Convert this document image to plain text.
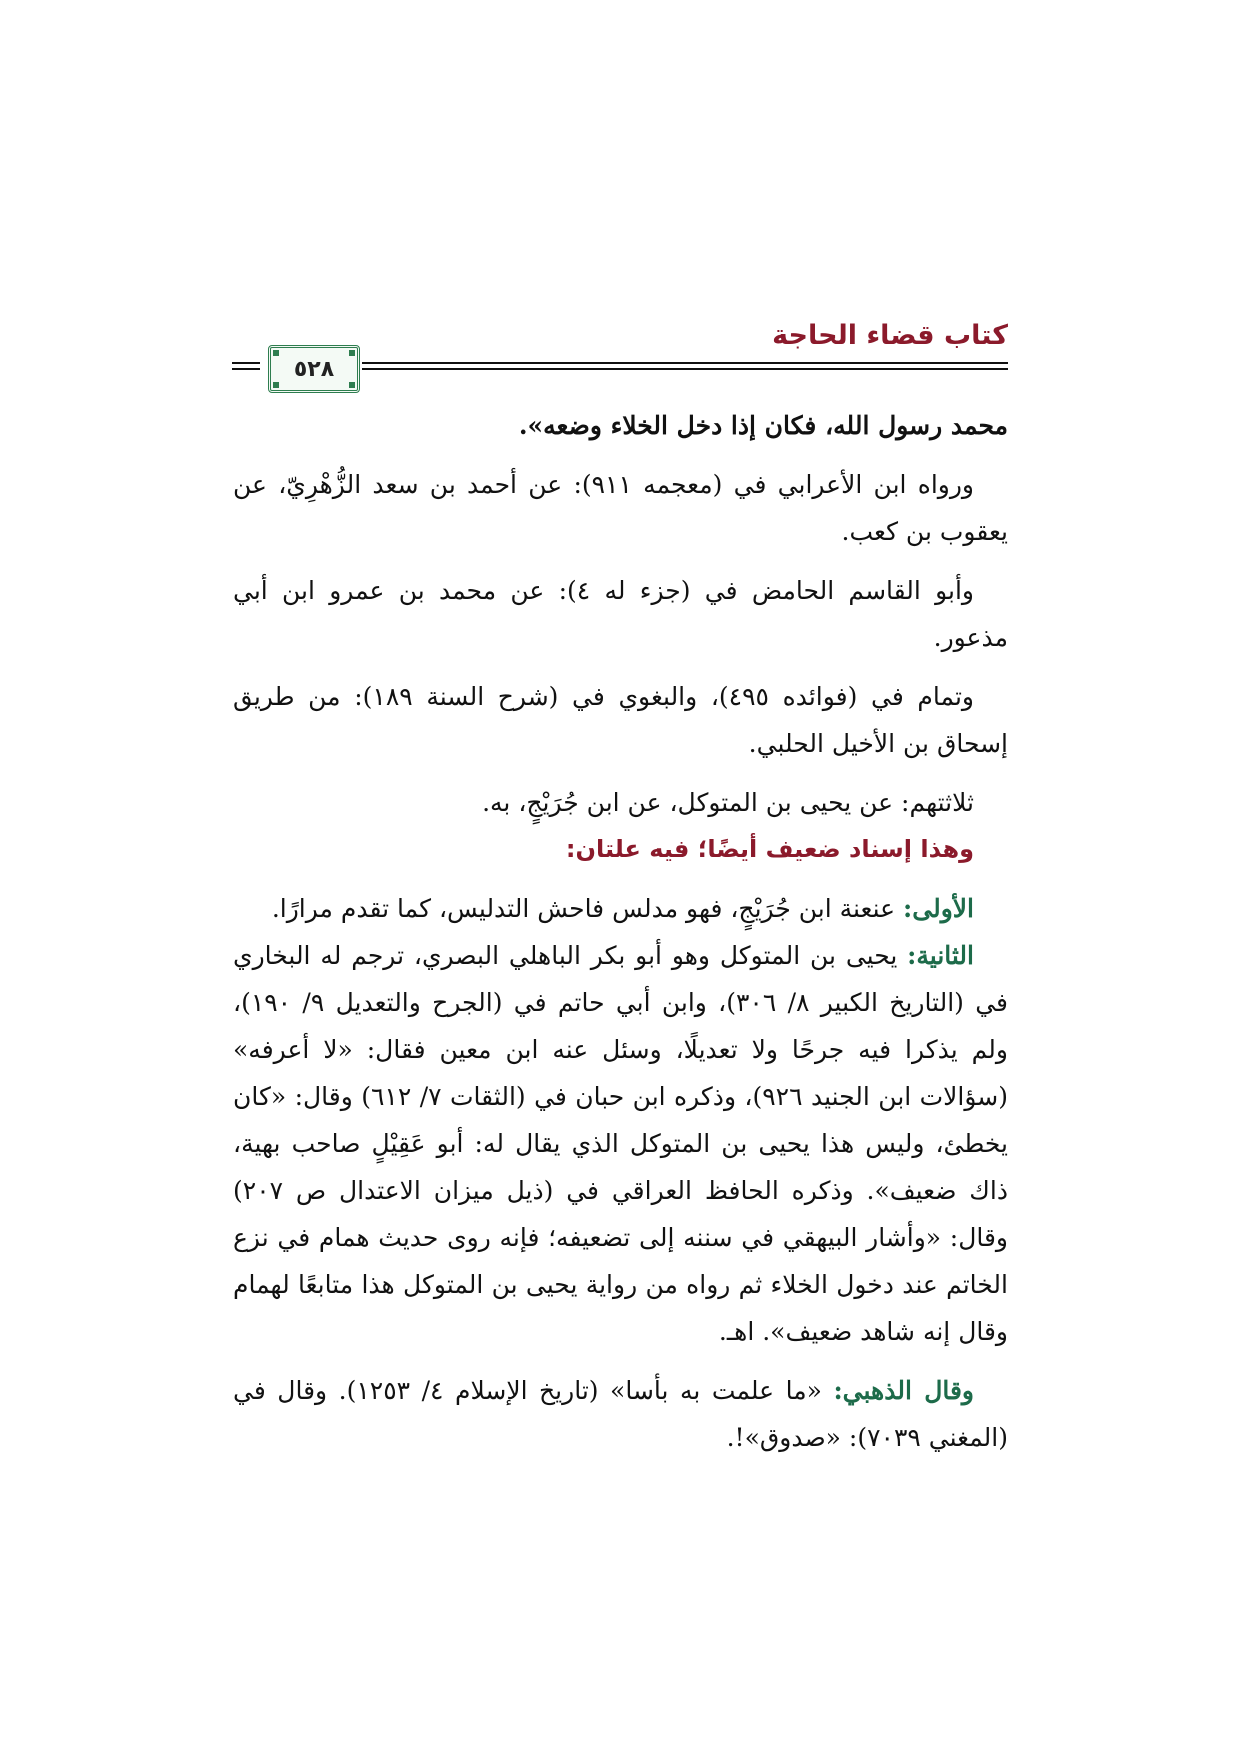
كتاب قضاء الحاجة
٥٢٨

محمد رسول الله، فكان إذا دخل الخلاء وضعه».

ورواه ابن الأعرابي في (معجمه ٩١١): عن أحمد بن سعد الزُّهْرِيّ، عن يعقوب بن كعب.

وأبو القاسم الحامض في (جزء له ٤): عن محمد بن عمرو ابن أبي مذعور.

وتمام في (فوائده ٤٩٥)، والبغوي في (شرح السنة ١٨٩): من طريق إسحاق بن الأخيل الحلبي.

ثلاثتهم: عن يحيى بن المتوكل، عن ابن جُرَيْجٍ، به.

وهذا إسناد ضعيف أيضًا؛ فيه علتان:

الأولى: عنعنة ابن جُرَيْجٍ، فهو مدلس فاحش التدليس، كما تقدم مرارًا.

الثانية: يحيى بن المتوكل وهو أبو بكر الباهلي البصري، ترجم له البخاري في (التاريخ الكبير ٨/ ٣٠٦)، وابن أبي حاتم في (الجرح والتعديل ٩/ ١٩٠)، ولم يذكرا فيه جرحًا ولا تعديلًا، وسئل عنه ابن معين فقال: «لا أعرفه» (سؤالات ابن الجنيد ٩٢٦)، وذكره ابن حبان في (الثقات ٧/ ٦١٢) وقال: «كان يخطئ، وليس هذا يحيى بن المتوكل الذي يقال له: أبو عَقِيْلٍ صاحب بهية، ذاك ضعيف». وذكره الحافظ العراقي في (ذيل ميزان الاعتدال ص ٢٠٧) وقال: «وأشار البيهقي في سننه إلى تضعيفه؛ فإنه روى حديث همام في نزع الخاتم عند دخول الخلاء ثم رواه من رواية يحيى بن المتوكل هذا متابعًا لهمام وقال إنه شاهد ضعيف». اهـ.

وقال الذهبي: «ما علمت به بأسا» (تاريخ الإسلام ٤/ ١٢٥٣). وقال في (المغني ٧٠٣٩): «صدوق»!.
